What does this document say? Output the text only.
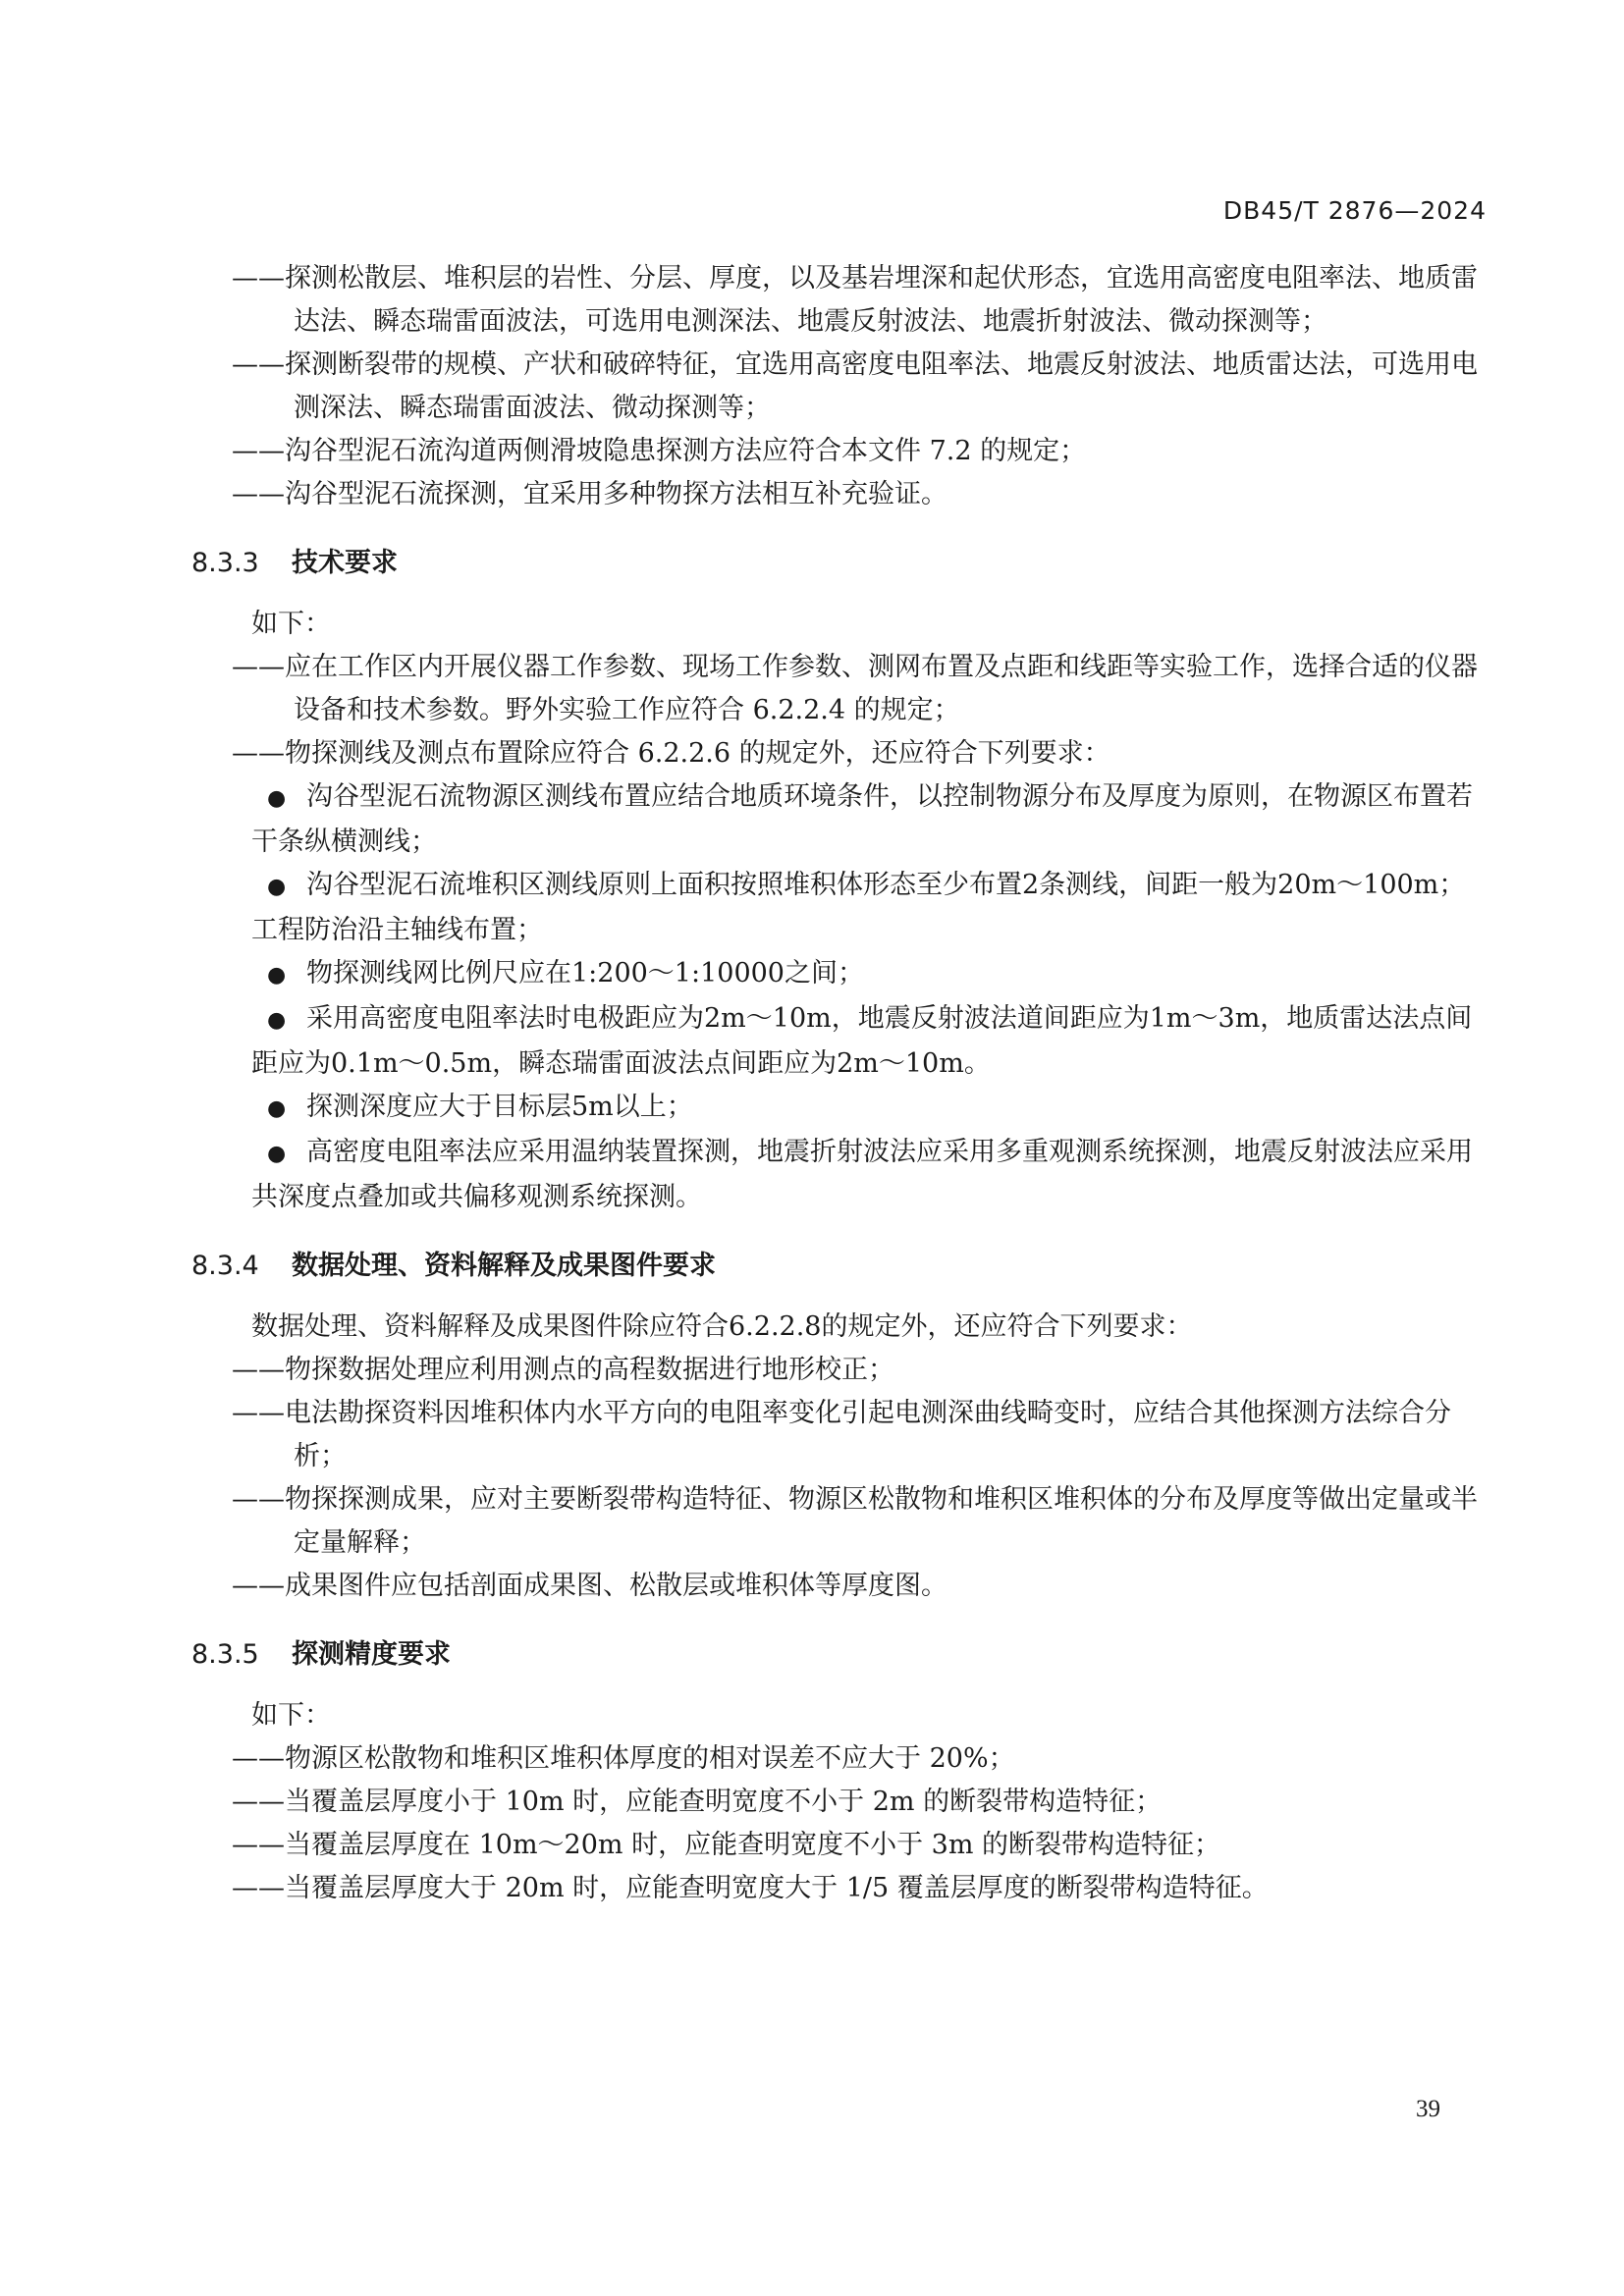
DB45/T 2876—2024

——探测松散层、堆积层的岩性、分层、厚度，以及基岩埋深和起伏形态，宜选用高密度电阻率法、地质雷达法、瞬态瑞雷面波法，可选用电测深法、地震反射波法、地震折射波法、微动探测等；

——探测断裂带的规模、产状和破碎特征，宜选用高密度电阻率法、地震反射波法、地质雷达法，可选用电测深法、瞬态瑞雷面波法、微动探测等；

——沟谷型泥石流沟道两侧滑坡隐患探测方法应符合本文件 7.2 的规定；

——沟谷型泥石流探测，宜采用多种物探方法相互补充验证。

8.3.3 技术要求

如下：

——应在工作区内开展仪器工作参数、现场工作参数、测网布置及点距和线距等实验工作，选择合适的仪器设备和技术参数。野外实验工作应符合 6.2.2.4 的规定；

——物探测线及测点布置除应符合 6.2.2.6 的规定外，还应符合下列要求：

● 沟谷型泥石流物源区测线布置应结合地质环境条件，以控制物源分布及厚度为原则，在物源区布置若干条纵横测线；

● 沟谷型泥石流堆积区测线原则上面积按照堆积体形态至少布置2条测线，间距一般为20m～100m；工程防治沿主轴线布置；

● 物探测线网比例尺应在1:200～1:10000之间；

● 采用高密度电阻率法时电极距应为2m～10m，地震反射波法道间距应为1m～3m，地质雷达法点间距应为0.1m～0.5m，瞬态瑞雷面波法点间距应为2m～10m。

● 探测深度应大于目标层5m以上；

● 高密度电阻率法应采用温纳装置探测，地震折射波法应采用多重观测系统探测，地震反射波法应采用共深度点叠加或共偏移观测系统探测。

8.3.4 数据处理、资料解释及成果图件要求

数据处理、资料解释及成果图件除应符合6.2.2.8的规定外，还应符合下列要求：

——物探数据处理应利用测点的高程数据进行地形校正；

——电法勘探资料因堆积体内水平方向的电阻率变化引起电测深曲线畸变时，应结合其他探测方法综合分析；

——物探探测成果，应对主要断裂带构造特征、物源区松散物和堆积区堆积体的分布及厚度等做出定量或半定量解释；

——成果图件应包括剖面成果图、松散层或堆积体等厚度图。

8.3.5 探测精度要求

如下：

——物源区松散物和堆积区堆积体厚度的相对误差不应大于 20%；

——当覆盖层厚度小于 10m 时，应能查明宽度不小于 2m 的断裂带构造特征；

——当覆盖层厚度在 10m～20m 时，应能查明宽度不小于 3m 的断裂带构造特征；

——当覆盖层厚度大于 20m 时，应能查明宽度大于 1/5 覆盖层厚度的断裂带构造特征。

39
